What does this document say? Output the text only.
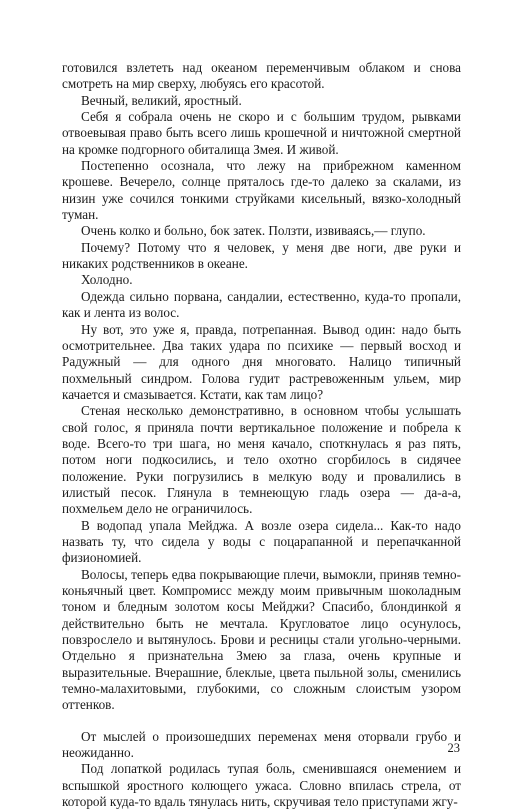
готовился взлететь над океаном переменчивым облаком и снова смотреть на мир сверху, любуясь его красотой.

Вечный, великий, яростный.

Себя я собрала очень не скоро и с большим трудом, рывками отвоевывая право быть всего лишь крошечной и ничтожной смертной на кромке подгорного обиталища Змея. И живой.

Постепенно осознала, что лежу на прибрежном каменном крошеве. Вечерело, солнце пряталось где-то далеко за скалами, из низин уже сочился тонкими струйками кисельный, вязко-холодный туман.

Очень колко и больно, бок затек. Ползти, извиваясь,— глупо.

Почему? Потому что я человек, у меня две ноги, две руки и никаких родственников в океане.

Холодно.

Одежда сильно порвана, сандалии, естественно, куда-то пропали, как и лента из волос.

Ну вот, это уже я, правда, потрепанная. Вывод один: надо быть осмотрительнее. Два таких удара по психике — первый восход и Радужный — для одного дня многовато. Налицо типичный похмельный синдром. Голова гудит растревоженным ульем, мир качается и смазывается. Кстати, как там лицо?

Стеная несколько демонстративно, в основном чтобы услышать свой голос, я приняла почти вертикальное положение и побрела к воде. Всего-то три шага, но меня качало, споткнулась я раз пять, потом ноги подкосились, и тело охотно сгорбилось в сидячее положение. Руки погрузились в мелкую воду и провалились в илистый песок. Глянула в темнеющую гладь озера — да-а-а, похмельем дело не ограничилось.

В водопад упала Мейджа. А возле озера сидела... Как-то надо назвать ту, что сидела у воды с поцарапанной и перепачканной физиономией.

Волосы, теперь едва покрывающие плечи, вымокли, приняв темно-коньячный цвет. Компромисс между моим привычным шоколадным тоном и бледным золотом косы Мейджи? Спасибо, блондинкой я действительно быть не мечтала. Кругловатое лицо осунулось, повзрослело и вытянулось. Брови и ресницы стали угольно-черными. Отдельно я признательна Змею за глаза, очень крупные и выразительные. Вчерашние, блеклые, цвета пыльной золы, сменились темно-малахитовыми, глубокими, со сложным слоистым узором оттенков.

От мыслей о произошедших переменах меня оторвали грубо и неожиданно.

Под лопаткой родилась тупая боль, сменившаяся онемением и вспышкой яростного колющего ужаса. Словно впилась стрела, от которой куда-то вдаль тянулась нить, скручивая тело приступами жгу-

23
